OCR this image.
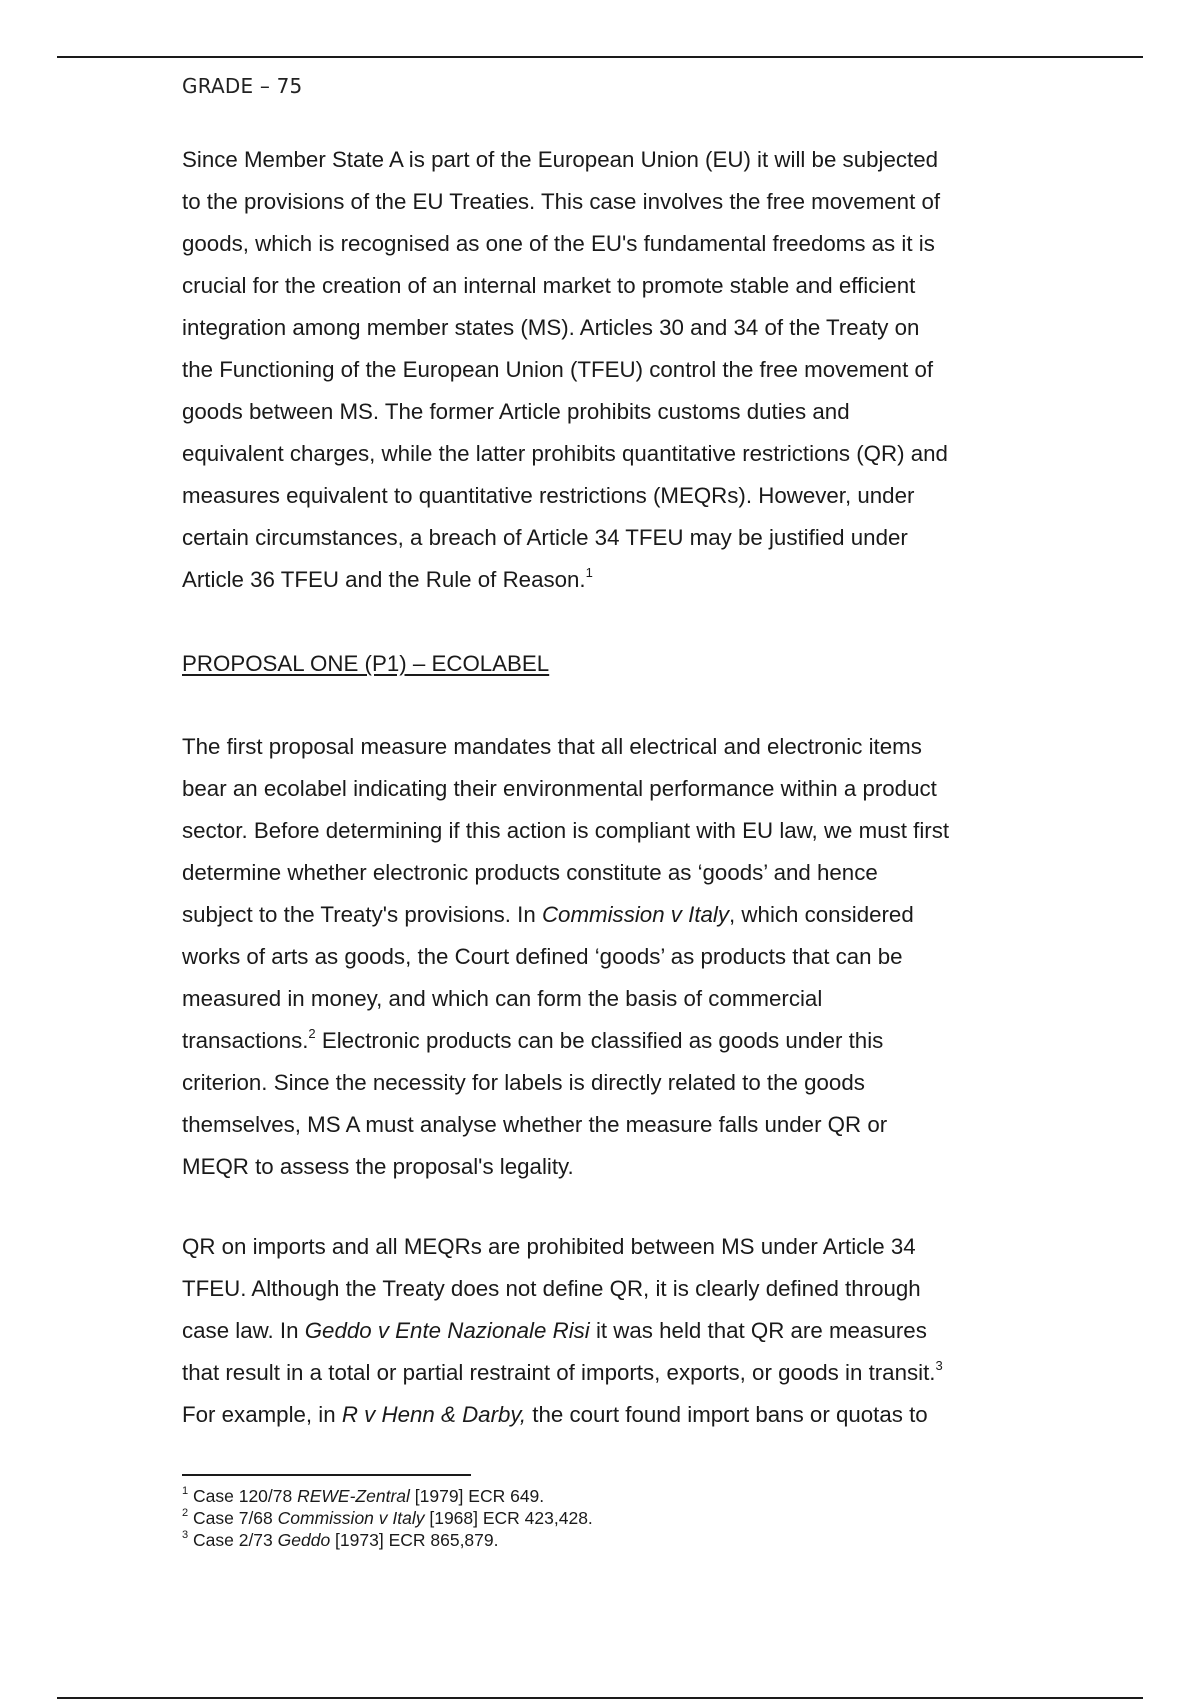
GRADE – 75

Since Member State A is part of the European Union (EU) it will be subjected
to the provisions of the EU Treaties. This case involves the free movement of
goods, which is recognised as one of the EU's fundamental freedoms as it is
crucial for the creation of an internal market to promote stable and efficient
integration among member states (MS). Articles 30 and 34 of the Treaty on
the Functioning of the European Union (TFEU) control the free movement of
goods between MS. The former Article prohibits customs duties and
equivalent charges, while the latter prohibits quantitative restrictions (QR) and
measures equivalent to quantitative restrictions (MEQRs). However, under
certain circumstances, a breach of Article 34 TFEU may be justified under
Article 36 TFEU and the Rule of Reason.$^1$

PROPOSAL ONE (P1) – ECOLABEL

The first proposal measure mandates that all electrical and electronic items
bear an ecolabel indicating their environmental performance within a product
sector. Before determining if this action is compliant with EU law, we must first
determine whether electronic products constitute as ‘goods’ and hence
subject to the Treaty's provisions. In Commission v Italy, which considered
works of arts as goods, the Court defined ‘goods’ as products that can be
measured in money, and which can form the basis of commercial
transactions.$^2$ Electronic products can be classified as goods under this
criterion. Since the necessity for labels is directly related to the goods
themselves, MS A must analyse whether the measure falls under QR or
MEQR to assess the proposal's legality.

QR on imports and all MEQRs are prohibited between MS under Article 34
TFEU. Although the Treaty does not define QR, it is clearly defined through
case law. In Geddo v Ente Nazionale Risi it was held that QR are measures
that result in a total or partial restraint of imports, exports, or goods in transit.$^3$
For example, in R v Henn & Darby, the court found import bans or quotas to

$^1$ Case 120/78 REWE-Zentral [1979] ECR 649.
$^2$ Case 7/68 Commission v Italy [1968] ECR 423,428.
$^3$ Case 2/73 Geddo [1973] ECR 865,879.
